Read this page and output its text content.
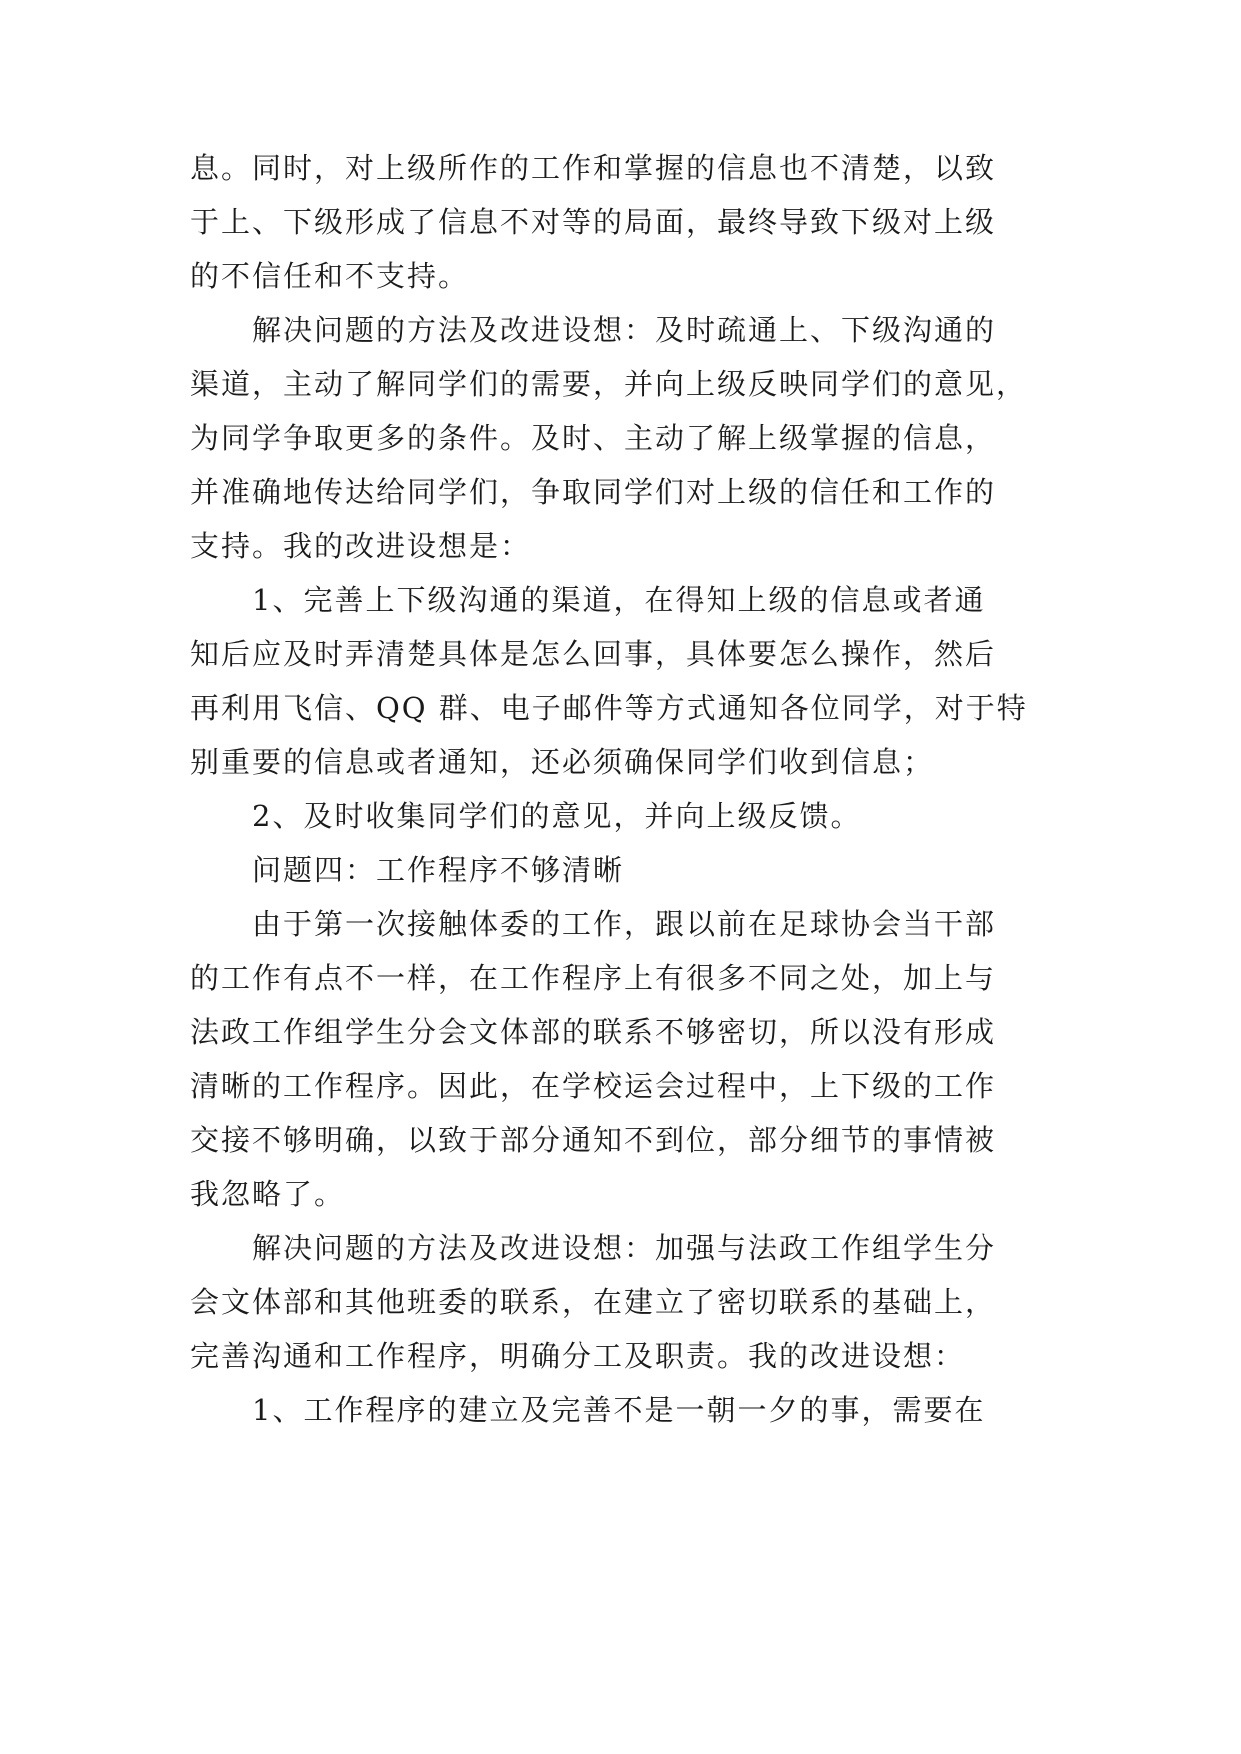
息。同时，对上级所作的工作和掌握的信息也不清楚，以致
于上、下级形成了信息不对等的局面，最终导致下级对上级
的不信任和不支持。
解决问题的方法及改进设想：及时疏通上、下级沟通的
渠道，主动了解同学们的需要，并向上级反映同学们的意见，
为同学争取更多的条件。及时、主动了解上级掌握的信息，
并准确地传达给同学们，争取同学们对上级的信任和工作的
支持。我的改进设想是：
1、完善上下级沟通的渠道，在得知上级的信息或者通
知后应及时弄清楚具体是怎么回事，具体要怎么操作，然后
再利用飞信、QQ 群、电子邮件等方式通知各位同学，对于特
别重要的信息或者通知，还必须确保同学们收到信息；
2、及时收集同学们的意见，并向上级反馈。
问题四：工作程序不够清晰
由于第一次接触体委的工作，跟以前在足球协会当干部
的工作有点不一样，在工作程序上有很多不同之处，加上与
法政工作组学生分会文体部的联系不够密切，所以没有形成
清晰的工作程序。因此，在学校运会过程中，上下级的工作
交接不够明确，以致于部分通知不到位，部分细节的事情被
我忽略了。
解决问题的方法及改进设想：加强与法政工作组学生分
会文体部和其他班委的联系，在建立了密切联系的基础上，
完善沟通和工作程序，明确分工及职责。我的改进设想：
1、工作程序的建立及完善不是一朝一夕的事，需要在
